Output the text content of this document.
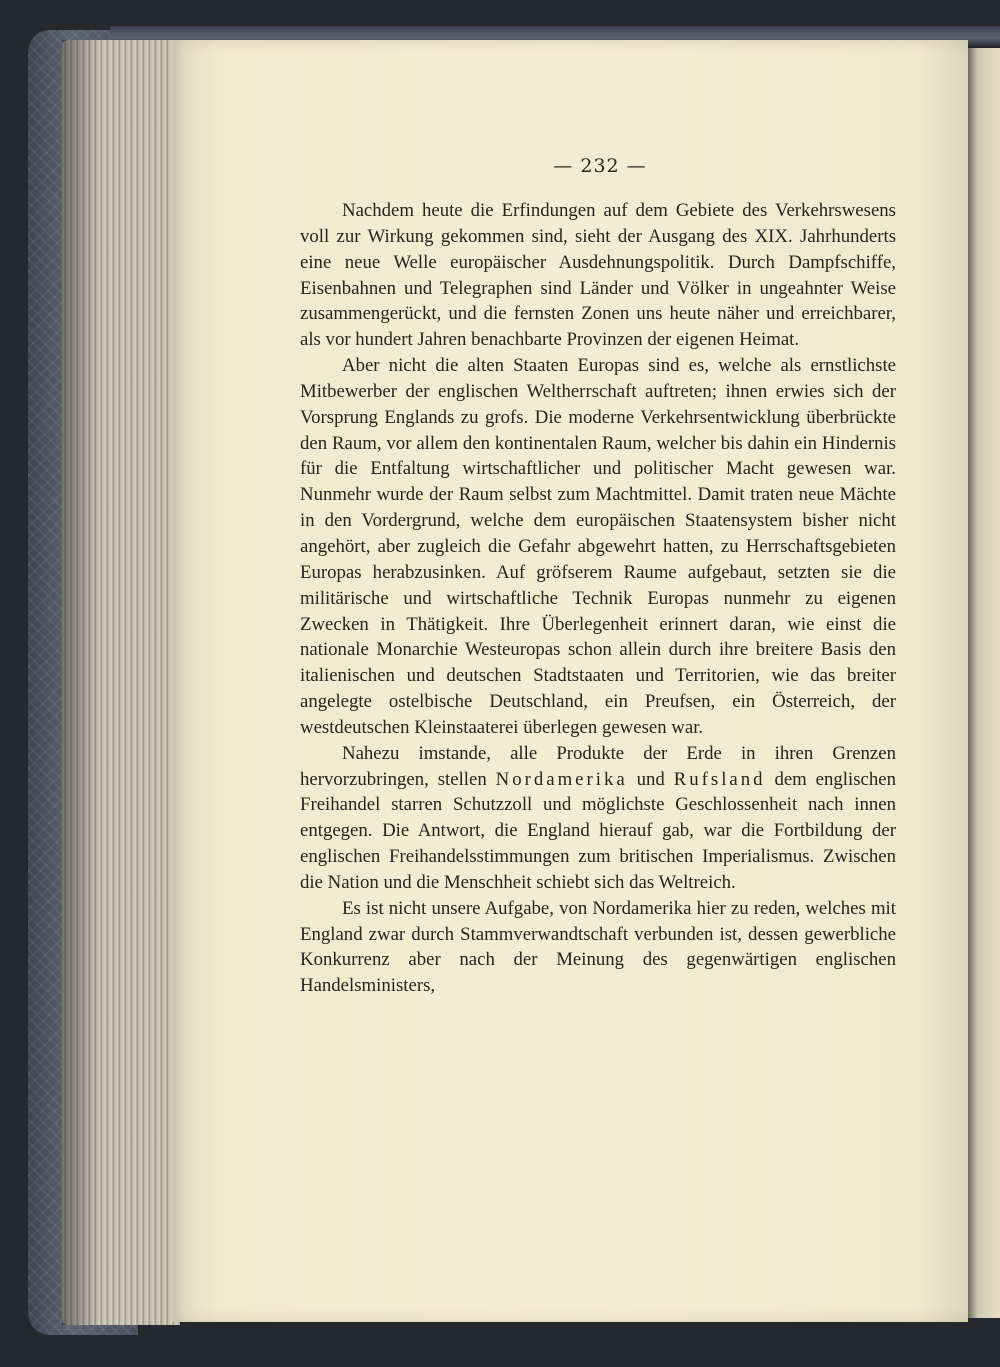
— 232 —

Nachdem heute die Erfindungen auf dem Gebiete des Verkehrswesens voll zur Wirkung gekommen sind, sieht der Ausgang des XIX. Jahrhunderts eine neue Welle europäischer Ausdehnungspolitik. Durch Dampfschiffe, Eisenbahnen und Telegraphen sind Länder und Völker in ungeahnter Weise zusammengerückt, und die fernsten Zonen uns heute näher und erreichbarer, als vor hundert Jahren benachbarte Provinzen der eigenen Heimat.

Aber nicht die alten Staaten Europas sind es, welche als ernstlichste Mitbewerber der englischen Weltherrschaft auftreten; ihnen erwies sich der Vorsprung Englands zu grofs. Die moderne Verkehrsentwicklung überbrückte den Raum, vor allem den kontinentalen Raum, welcher bis dahin ein Hindernis für die Entfaltung wirtschaftlicher und politischer Macht gewesen war. Nunmehr wurde der Raum selbst zum Machtmittel. Damit traten neue Mächte in den Vordergrund, welche dem europäischen Staatensystem bisher nicht angehört, aber zugleich die Gefahr abgewehrt hatten, zu Herrschaftsgebieten Europas herabzusinken. Auf gröfserem Raume aufgebaut, setzten sie die militärische und wirtschaftliche Technik Europas nunmehr zu eigenen Zwecken in Thätigkeit. Ihre Überlegenheit erinnert daran, wie einst die nationale Monarchie Westeuropas schon allein durch ihre breitere Basis den italienischen und deutschen Stadtstaaten und Territorien, wie das breiter angelegte ostelbische Deutschland, ein Preufsen, ein Österreich, der westdeutschen Kleinstaaterei überlegen gewesen war.

Nahezu imstande, alle Produkte der Erde in ihren Grenzen hervorzubringen, stellen Nordamerika und Rufsland dem englischen Freihandel starren Schutzzoll und möglichste Geschlossenheit nach innen entgegen. Die Antwort, die England hierauf gab, war die Fortbildung der englischen Freihandelsstimmungen zum britischen Imperialismus. Zwischen die Nation und die Menschheit schiebt sich das Weltreich.

Es ist nicht unsere Aufgabe, von Nordamerika hier zu reden, welches mit England zwar durch Stammverwandtschaft verbunden ist, dessen gewerbliche Konkurrenz aber nach der Meinung des gegenwärtigen englischen Handelsministers,
